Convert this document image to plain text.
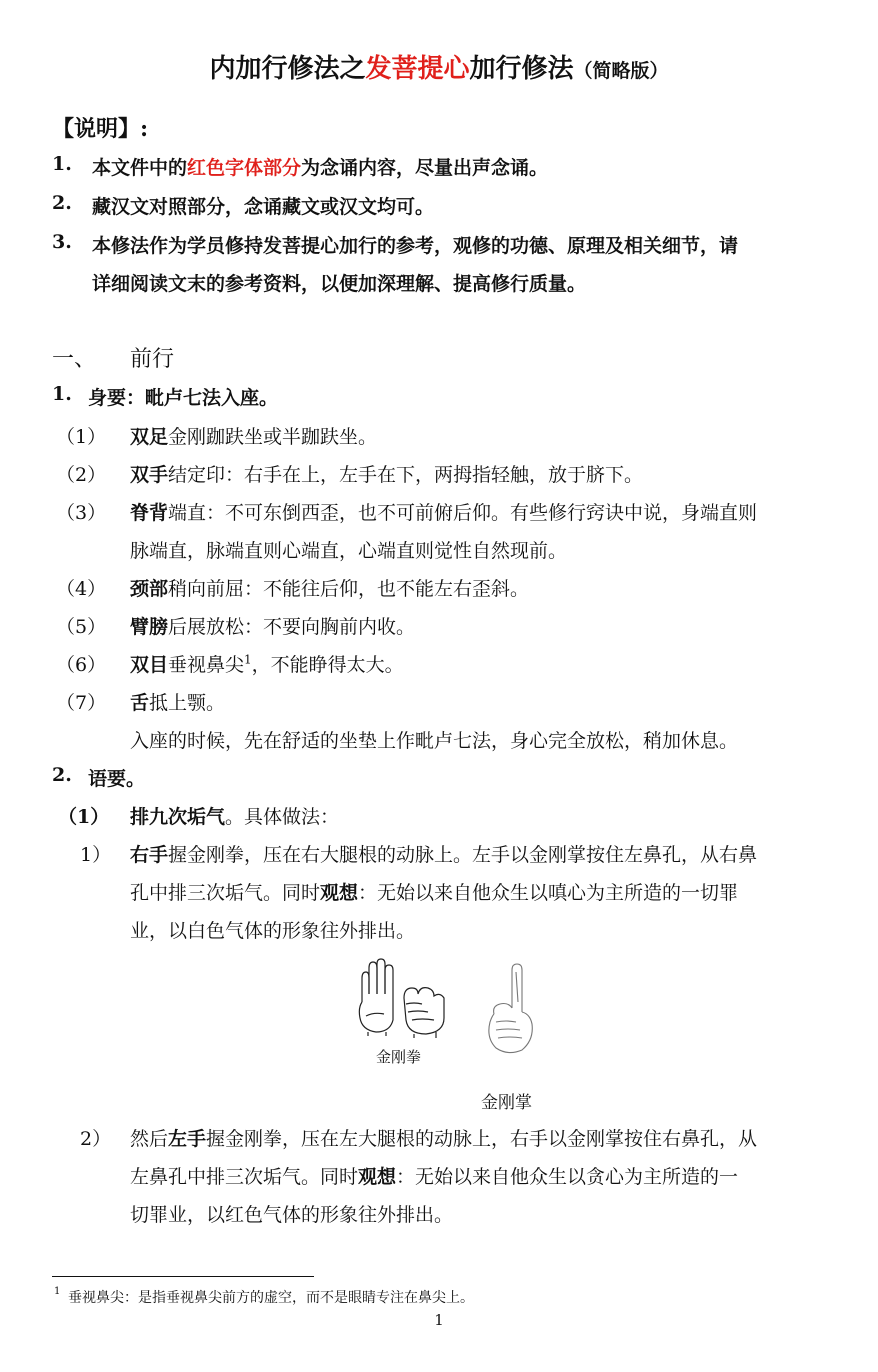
内加行修法之发菩提心加行修法（简略版）
【说明】:
1. 本文件中的红色字体部分为念诵内容，尽量出声念诵。
2. 藏汉文对照部分，念诵藏文或汉文均可。
3. 本修法作为学员修持发菩提心加行的参考，观修的功德、原理及相关细节，请
详细阅读文末的参考资料，以便加深理解、提高修行质量。
一、 前行
1. 身要：毗卢七法入座。
（1） 双足金刚跏趺坐或半跏趺坐。
（2） 双手结定印：右手在上，左手在下，两拇指轻触，放于脐下。
（3） 脊背端直：不可东倒西歪，也不可前俯后仰。有些修行窍诀中说，身端直则
脉端直，脉端直则心端直，心端直则觉性自然现前。
（4） 颈部稍向前屈：不能往后仰，也不能左右歪斜。
（5） 臂膀后展放松：不要向胸前内收。
（6） 双目垂视鼻尖$^1$，不能睁得太大。
（7） 舌抵上颚。
入座的时候，先在舒适的坐垫上作毗卢七法，身心完全放松，稍加休息。
2. 语要。
（1） 排九次垢气。具体做法：
1） 右手握金刚拳，压在右大腿根的动脉上。左手以金刚掌按住左鼻孔，从右鼻
孔中排三次垢气。同时观想：无始以来自他众生以嗔心为主所造的一切罪
业，以白色气体的形象往外排出。
金刚拳
金刚掌
2） 然后左手握金刚拳，压在左大腿根的动脉上，右手以金刚掌按住右鼻孔，从
左鼻孔中排三次垢气。同时观想：无始以来自他众生以贪心为主所造的一
切罪业，以红色气体的形象往外排出。
1 垂视鼻尖：是指垂视鼻尖前方的虚空，而不是眼睛专注在鼻尖上。
1
